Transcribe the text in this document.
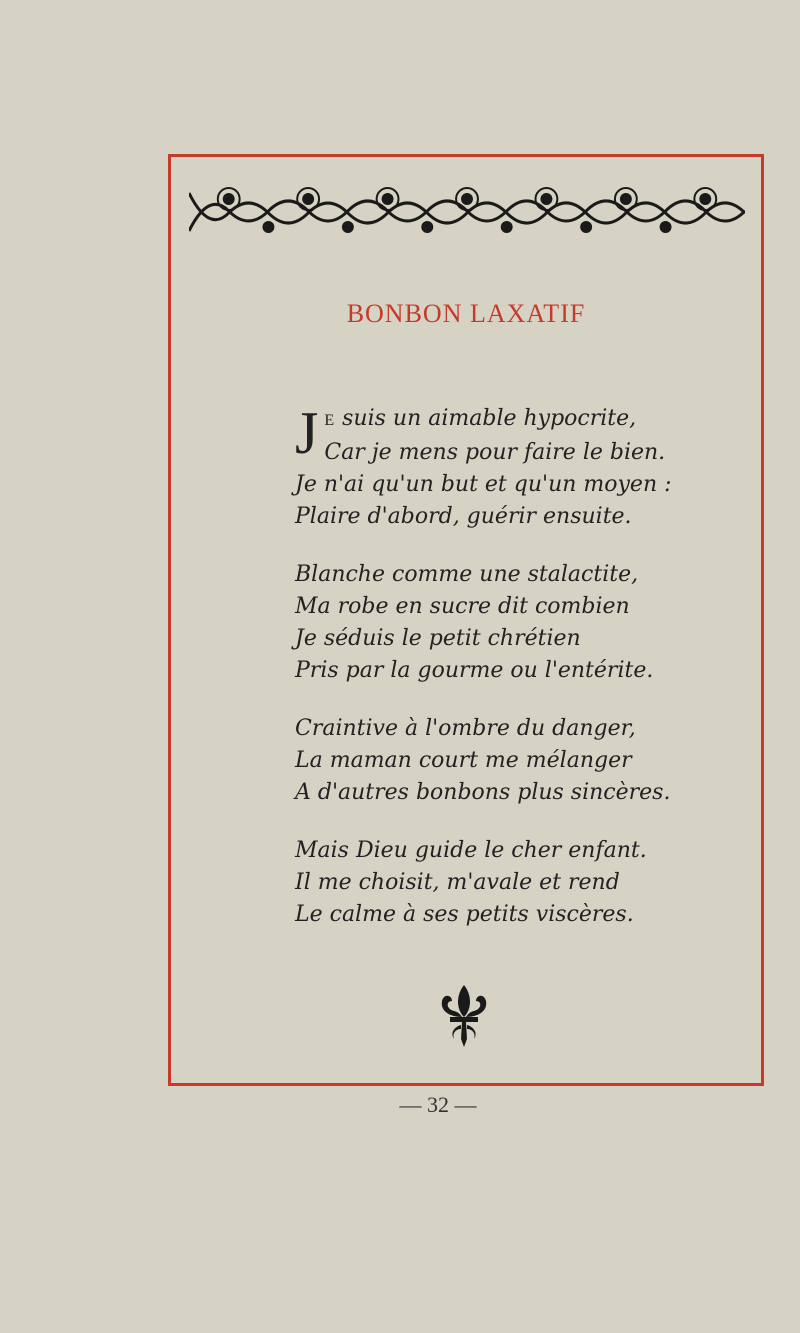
BONBON LAXATIF
J E suis un aimable hypocrite,
Car je mens pour faire le bien.
Je n'ai qu'un but et qu'un moyen :
Plaire d'abord, guérir ensuite.
Blanche comme une stalactite,
Ma robe en sucre dit combien
Je séduis le petit chrétien
Pris par la gourme ou l'entérite.
Craintive à l'ombre du danger,
La maman court me mélanger
A d'autres bonbons plus sincères.
Mais Dieu guide le cher enfant.
Il me choisit, m'avale et rend
Le calme à ses petits viscères.
— 32 —
